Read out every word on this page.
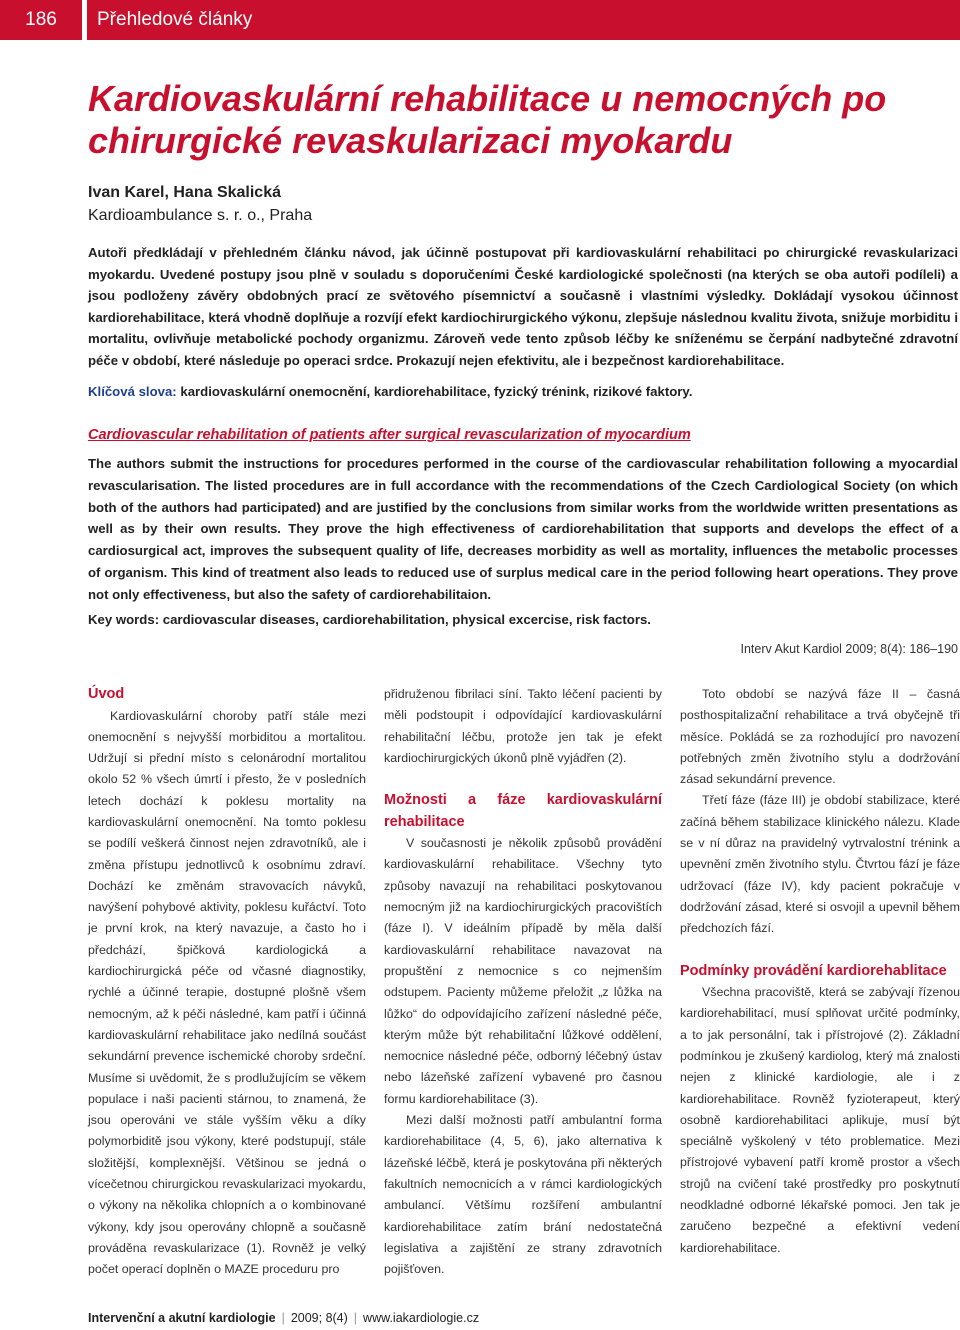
186	Přehledové články
Kardiovaskulární rehabilitace u nemocných po chirurgické revaskularizaci myokardu
Ivan Karel, Hana Skalická
Kardioambulance s. r. o., Praha

Autoři předkládají v přehledném článku návod, jak účinně postupovat při kardiovaskulární rehabilitaci po chirurgické revaskularizaci myokardu. Uvedené postupy jsou plně v souladu s doporučeními České kardiologické společnosti (na kterých se oba autoři podíleli) a jsou podloženy závěry obdobných prací ze světového písemnictví a současně i vlastními výsledky. Dokládají vysokou účinnost kardiorehabilitace, která vhodně doplňuje a rozvíjí efekt kardiochirurgického výkonu, zlepšuje následnou kvalitu života, snižuje morbiditu i mortalitu, ovlivňuje metabolické pochody organizmu. Zároveň vede tento způsob léčby ke sníženému se čerpání nadbytečné zdravotní péče v období, které následuje po operaci srdce. Prokazují nejen efektivitu, ale i bezpečnost kardiorehabilitace.

Klíčová slova: kardiovaskulární onemocnění, kardiorehabilitace, fyzický trénink, rizikové faktory.

Cardiovascular rehabilitation of patients after surgical revascularization of myocardium

The authors submit the instructions for procedures performed in the course of the cardiovascular rehabilitation following a myocardial revascularisation. The listed procedures are in full accordance with the recommendations of the Czech Cardiological Society (on which both of the authors had participated) and are justified by the conclusions from similar works from the worldwide written presentations as well as by their own results. They prove the high effectiveness of cardiorehabilitation that supports and develops the effect of a cardiosurgical act, improves the subsequent quality of life, decreases morbidity as well as mortality, influences the metabolic processes of organism. This kind of treatment also leads to reduced use of surplus medical care in the period following heart operations. They prove not only effectiveness, but also the safety of cardiorehabilitaion.

Key words: cardiovascular diseases, cardiorehabilitation, physical excercise, risk factors.

Interv Akut Kardiol 2009; 8(4): 186–190
Úvod

Kardiovaskulární choroby patří stále mezi onemocnění s nejvyšší morbiditou a mortalitou. Udržují si přední místo s celonárodní mortalitou okolo 52 % všech úmrtí i přesto, že v posledních letech dochází k poklesu mortality na kardiovaskulární onemocnění. Na tomto poklesu se podílí veškerá činnost nejen zdravotníků, ale i změna přístupu jednotlivců k osobnímu zdraví. Dochází ke změnám stravovacích návyků, navýšení pohybové aktivity, poklesu kuřáctví. Toto je první krok, na který navazuje, a často ho i předchází, špičková kardiologická a kardiochirurgická péče od včasné diagnostiky, rychlé a účinné terapie, dostupné plošně všem nemocným, až k péči následné, kam patří i účinná kardiovaskulární rehabilitace jako nedílná součást sekundární prevence ischemické choroby srdeční. Musíme si uvědomit, že s prodlužujícím se věkem populace i naši pacienti stárnou, to znamená, že jsou operováni ve stále vyšším věku a díky polymorbiditě jsou výkony, které podstupují, stále složitější, komplexnější. Většinou se jedná o vícečetnou chirurgickou revaskularizaci myokardu, o výkony na několika chlopních a o kombinované výkony, kdy jsou operovány chlopně a současně prováděna revaskularizace (1). Rovněž je velký počet operací doplněn o MAZE proceduru pro

přidruženou fibrilaci síní. Takto léčení pacienti by měli podstoupit i odpovídající kardiovaskulární rehabilitační léčbu, protože jen tak je efekt kardiochirurgických úkonů plně vyjádřen (2).

Možnosti a fáze kardiovaskulární rehabilitace

V současnosti je několik způsobů provádění kardiovaskulární rehabilitace. Všechny tyto způsoby navazují na rehabilitaci poskytovanou nemocným již na kardiochirurgických pracovištích (fáze I). V ideálním případě by měla další kardiovaskulární rehabilitace navazovat na propuštění z nemocnice s co nejmenším odstupem. Pacienty můžeme přeložit „z lůžka na lůžko“ do odpovídajícího zařízení následné péče, kterým může být rehabilitační lůžkové oddělení, nemocnice následné péče, odborný léčebný ústav nebo lázeňské zařízení vybavené pro časnou formu kardiorehabilitace (3).

Mezi další možnosti patří ambulantní forma kardiorehabilitace (4, 5, 6), jako alternativa k lázeňské léčbě, která je poskytována při některých fakultních nemocnicích a v rámci kardiologických ambulancí. Většímu rozšíření ambulantní kardiorehabilitace zatím brání nedostatečná legislativa a zajištění ze strany zdravotních pojišťoven.

Toto období se nazývá fáze II – časná posthospitalizační rehabilitace a trvá obyčejně tři měsíce. Pokládá se za rozhodující pro navození potřebných změn životního stylu a dodržování zásad sekundární prevence.

Třetí fáze (fáze III) je období stabilizace, které začíná během stabilizace klinického nálezu. Klade se v ní důraz na pravidelný vytrvalostní trénink a upevnění změn životního stylu. Čtvrtou fází je fáze udržovací (fáze IV), kdy pacient pokračuje v dodržování zásad, které si osvojil a upevnil během předchozích fází.

Podmínky provádění kardiorehablitace

Všechna pracoviště, která se zabývají řízenou kardiorehabilitací, musí splňovat určité podmínky, a to jak personální, tak i přístrojové (2). Základní podmínkou je zkušený kardiolog, který má znalosti nejen z klinické kardiologie, ale i z kardiorehabilitace. Rovněž fyzioterapeut, který osobně kardiorehabilitaci aplikuje, musí být speciálně vyškolený v této problematice. Mezi přístrojové vybavení patří kromě prostor a všech strojů na cvičení také prostředky pro poskytnutí neodkladné odborné lékařské pomoci. Jen tak je zaručeno bezpečné a efektivní vedení kardiorehabilitace.

Intervenční a akutní kardiologie | 2009; 8(4) | www.iakardiologie.cz
